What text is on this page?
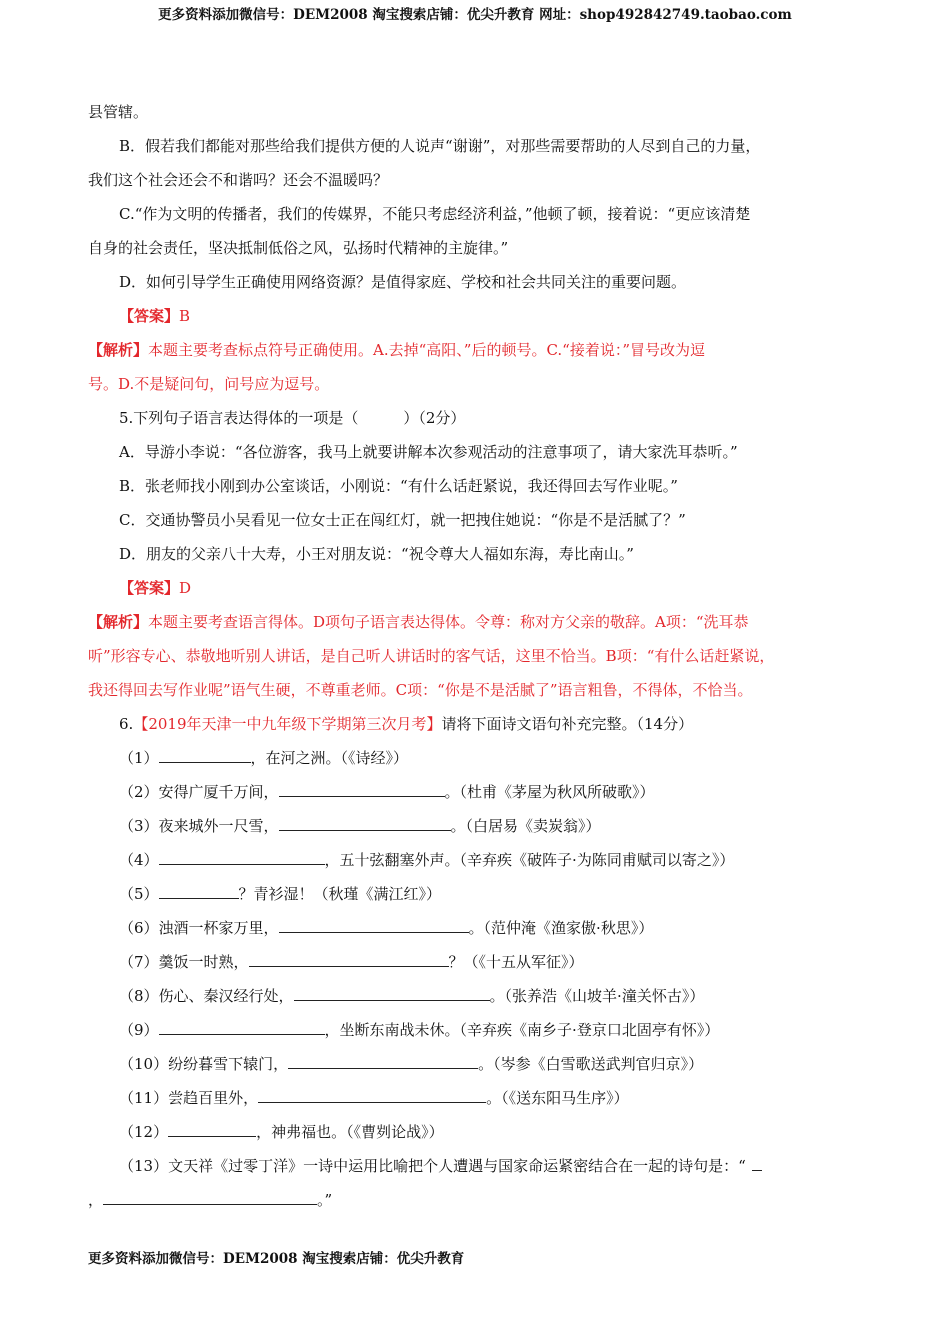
更多资料添加微信号：DEM2008 淘宝搜索店铺：优尖升教育 网址：shop492842749.taobao.com
县管辖。
B．假若我们都能对那些给我们提供方便的人说声“谢谢”，对那些需要帮助的人尽到自己的力量，
我们这个社会还会不和谐吗？还会不温暖吗？
C.“作为文明的传播者，我们的传媒界，不能只考虑经济利益，”他顿了顿，接着说：“更应该清楚
自身的社会责任，坚决抵制低俗之风，弘扬时代精神的主旋律。”
D．如何引导学生正确使用网络资源？是值得家庭、学校和社会共同关注的重要问题。
【答案】B
【解析】本题主要考查标点符号正确使用。A.去掉“高阳、”后的顿号。C.“接着说：”冒号改为逗
号。D.不是疑问句，问号应为逗号。
5.下列句子语言表达得体的一项是（　　　）（2分）
A．导游小李说：“各位游客，我马上就要讲解本次参观活动的注意事项了，请大家洗耳恭听。”
B．张老师找小刚到办公室谈话，小刚说：“有什么话赶紧说，我还得回去写作业呢。”
C．交通协警员小吴看见一位女士正在闯红灯，就一把拽住她说：“你是不是活腻了？”
D．朋友的父亲八十大寿，小王对朋友说：“祝令尊大人福如东海，寿比南山。”
【答案】D
【解析】本题主要考查语言得体。D项句子语言表达得体。令尊：称对方父亲的敬辞。A项：“洗耳恭
听”形容专心、恭敬地听别人讲话，是自己听人讲话时的客气话，这里不恰当。B项：“有什么话赶紧说，
我还得回去写作业呢”语气生硬，不尊重老师。C项：“你是不是活腻了”语言粗鲁，不得体，不恰当。
6.【2019年天津一中九年级下学期第三次月考】请将下面诗文语句补充完整。（14分）
（1）	，在河之洲。（《诗经》）
（2）安得广厦千万间，	。（杜甫《茅屋为秋风所破歌》）
（3）夜来城外一尺雪，	。（白居易《卖炭翁》）
（4）	，五十弦翻塞外声。（辛弃疾《破阵子·为陈同甫赋司以寄之》）
（5）	？青衫湿！（秋瑾《满江红》）
（6）浊酒一杯家万里，	。（范仲淹《渔家傲·秋思》）
（7）羹饭一时熟，	？（《十五从军征》）
（8）伤心、秦汉经行处，	。（张养浩《山坡羊·潼关怀古》）
（9）	，坐断东南战未休。（辛弃疾《南乡子·登京口北固亭有怀》）
（10）纷纷暮雪下辕门，	。（岑参《白雪歌送武判官归京》）
（11）尝趋百里外，	。（《送东阳马生序》）
（12）	，神弗福也。（《曹刿论战》）
（13）文天祥《过零丁洋》一诗中运用比喻把个人遭遇与国家命运紧密结合在一起的诗句是：“
，	。”
更多资料添加微信号：DEM2008 淘宝搜索店铺：优尖升教育
